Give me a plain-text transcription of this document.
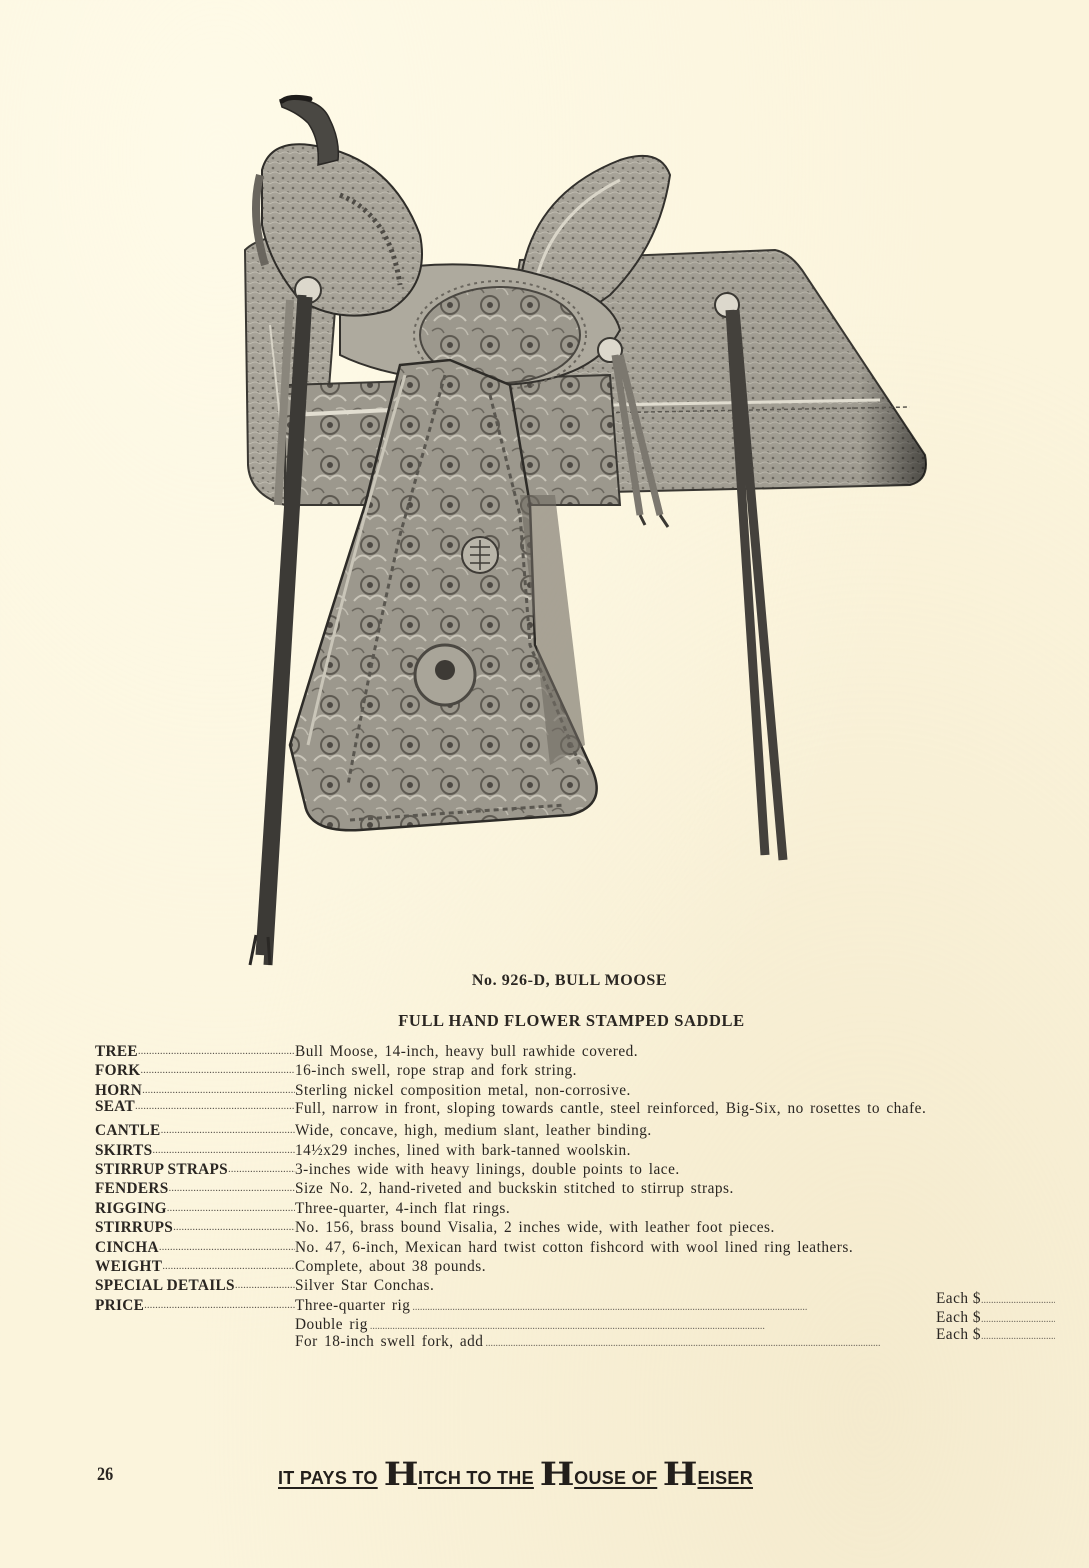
No. 926-D, BULL MOOSE
FULL HAND FLOWER STAMPED SADDLE
TREE .....	Bull Moose, 14-inch, heavy bull rawhide covered.
FORK .....	16-inch swell, rope strap and fork string.
HORN .....	Sterling nickel composition metal, non-corrosive.
SEAT .....	Full, narrow in front, sloping towards cantle, steel reinforced, Big-Six, no rosettes to chafe.
CANTLE .....	Wide, concave, high, medium slant, leather binding.
SKIRTS .....	14½x29 inches, lined with bark-tanned woolskin.
STIRRUP STRAPS .....	3-inches wide with heavy linings, double points to lace.
FENDERS .....	Size No. 2, hand-riveted and buckskin stitched to stirrup straps.
RIGGING .....	Three-quarter, 4-inch flat rings.
STIRRUPS .....	No. 156, brass bound Visalia, 2 inches wide, with leather foot pieces.
CINCHA .....	No. 47, 6-inch, Mexican hard twist cotton fishcord with wool lined ring leathers.
WEIGHT .....	Complete, about 38 pounds.
SPECIAL DETAILS .....	Silver Star Conchas.
PRICE .....	Three-quarter rig .....	Each $
.....
Double rig .....	Each $
.....
For 18-inch swell fork, add .....	Each $
.....
26	IT PAYS TO H ITCH TO THE H OUSE OF H EISER
